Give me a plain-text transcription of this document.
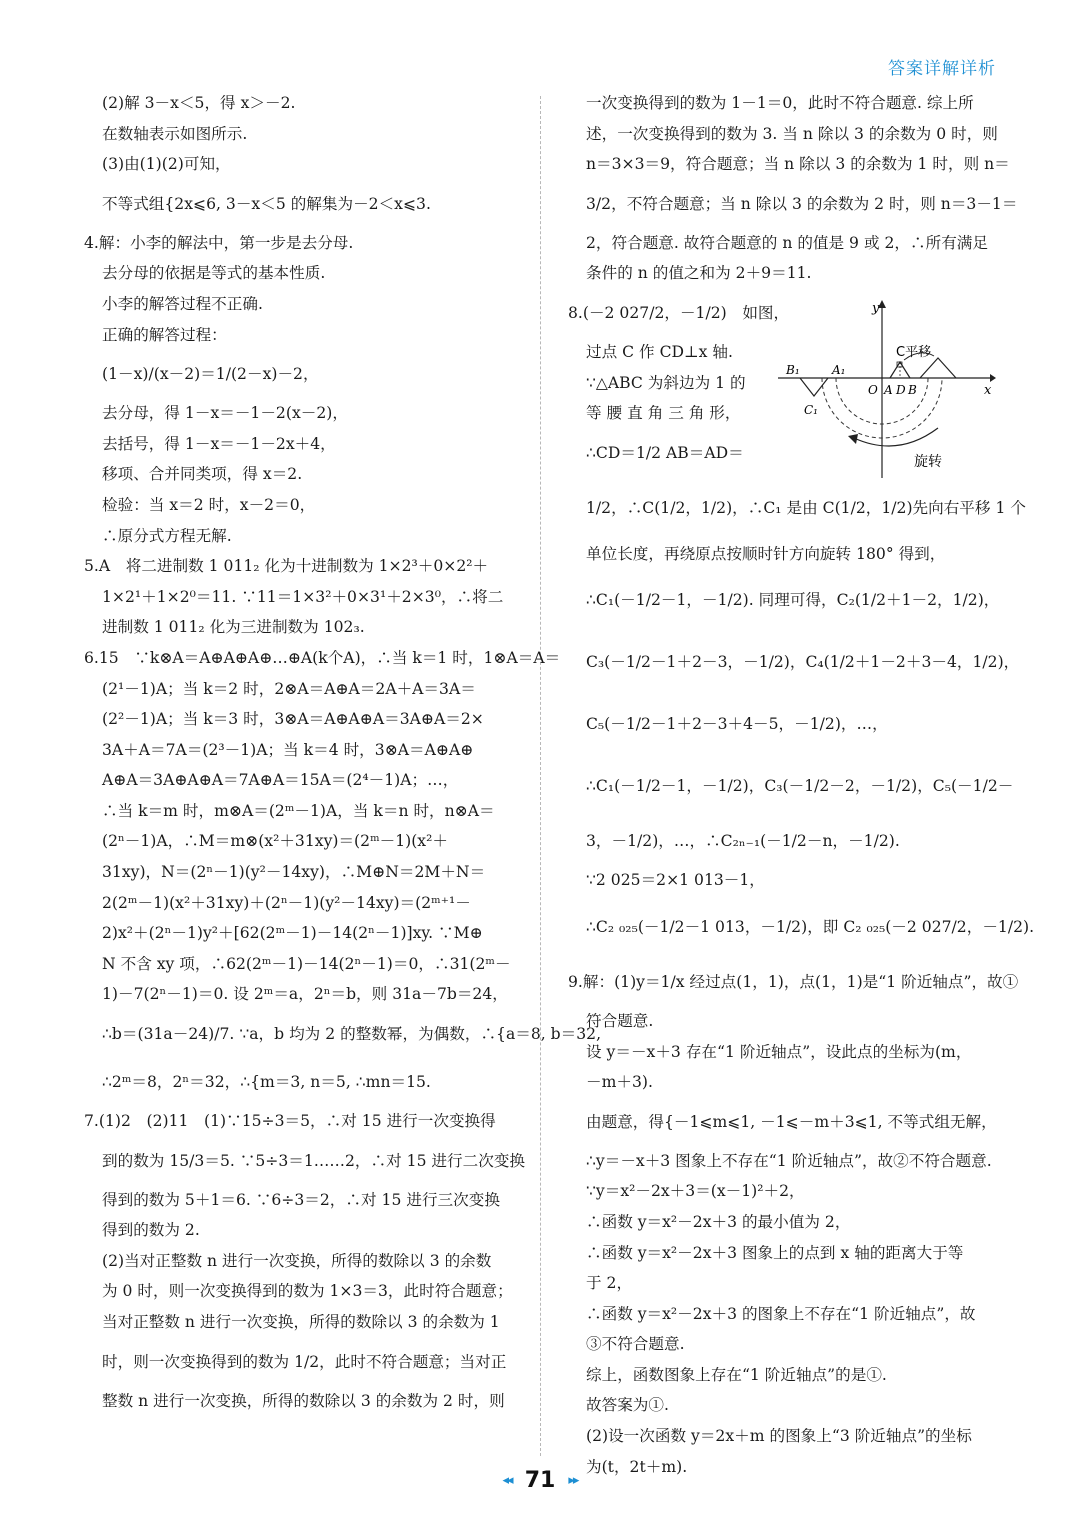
答案详解详析
(2)解 3－x＜5，得 x＞－2.
在数轴表示如图所示.
(3)由(1)(2)可知，
不等式组{2x⩽6, 3－x＜5 的解集为－2＜x⩽3.
4.解：小李的解法中，第一步是去分母.
去分母的依据是等式的基本性质.
小李的解答过程不正确.
正确的解答过程：
(1－x)/(x－2)＝1/(2－x)－2，
去分母，得 1－x＝－1－2(x－2)，
去括号，得 1－x＝－1－2x＋4，
移项、合并同类项，得 x＝2.
检验：当 x＝2 时，x－2＝0，
∴原分式方程无解.
5.A　将二进制数 1 011₂ 化为十进制数为 1×2³＋0×2²＋
1×2¹＋1×2⁰＝11. ∵11＝1×3²＋0×3¹＋2×3⁰，∴将二
进制数 1 011₂ 化为三进制数为 102₃.
6.15　∵k⊗A＝A⊕A⊕A⊕…⊕A(k个A)，∴当 k＝1 时，1⊗A＝A＝
(2¹－1)A；当 k＝2 时，2⊗A＝A⊕A＝2A＋A＝3A＝
(2²－1)A；当 k＝3 时，3⊗A＝A⊕A⊕A＝3A⊕A＝2×
3A＋A＝7A＝(2³－1)A；当 k＝4 时，3⊗A＝A⊕A⊕
A⊕A＝3A⊕A⊕A＝7A⊕A＝15A＝(2⁴－1)A；…，
∴当 k＝m 时，m⊗A＝(2ᵐ－1)A，当 k＝n 时，n⊗A＝
(2ⁿ－1)A，∴M＝m⊗(x²＋31xy)＝(2ᵐ－1)(x²＋
31xy)，N＝(2ⁿ－1)(y²－14xy)，∴M⊕N＝2M＋N＝
2(2ᵐ－1)(x²＋31xy)＋(2ⁿ－1)(y²－14xy)＝(2ᵐ⁺¹－
2)x²＋(2ⁿ－1)y²＋[62(2ᵐ－1)－14(2ⁿ－1)]xy. ∵M⊕
N 不含 xy 项，∴62(2ᵐ－1)－14(2ⁿ－1)＝0，∴31(2ᵐ－
1)－7(2ⁿ－1)＝0. 设 2ᵐ＝a，2ⁿ＝b，则 31a－7b＝24，
∴b＝(31a－24)/7. ∵a，b 均为 2 的整数幂，为偶数，∴{a＝8, b＝32,
∴2ᵐ＝8，2ⁿ＝32，∴{m＝3, n＝5, ∴mn＝15.
7.(1)2　(2)11　(1)∵15÷3＝5，∴对 15 进行一次变换得
到的数为 15/3＝5. ∵5÷3＝1……2，∴对 15 进行二次变换
得到的数为 5＋1＝6. ∵6÷3＝2，∴对 15 进行三次变换
得到的数为 2.
(2)当对正整数 n 进行一次变换，所得的数除以 3 的余数
为 0 时，则一次变换得到的数为 1×3＝3，此时符合题意；
当对正整数 n 进行一次变换，所得的数除以 3 的余数为 1
时，则一次变换得到的数为 1/2，此时不符合题意；当对正
整数 n 进行一次变换，所得的数除以 3 的余数为 2 时，则
一次变换得到的数为 1－1＝0，此时不符合题意. 综上所
述，一次变换得到的数为 3. 当 n 除以 3 的余数为 0 时，则
n＝3×3＝9，符合题意；当 n 除以 3 的余数为 1 时，则 n＝
3/2，不符合题意；当 n 除以 3 的余数为 2 时，则 n＝3－1＝
2，符合题意. 故符合题意的 n 的值是 9 或 2，∴所有满足
条件的 n 的值之和为 2＋9＝11.
8.(－2 027/2，－1/2)　如图，
过点 C 作 CD⊥x 轴.
∵△ABC 为斜边为 1 的
等 腰 直 角 三 角 形，
∴CD＝1/2 AB＝AD＝
1/2，∴C(1/2，1/2)，∴C₁ 是由 C(1/2，1/2)先向右平移 1 个
单位长度，再绕原点按顺时针方向旋转 180° 得到，
∴C₁(－1/2－1，－1/2). 同理可得，C₂(1/2＋1－2，1/2)，
C₃(－1/2－1＋2－3，－1/2)，C₄(1/2＋1－2＋3－4，1/2)，
C₅(－1/2－1＋2－3＋4－5，－1/2)，…，
∴C₁(－1/2－1，－1/2)，C₃(－1/2－2，－1/2)，C₅(－1/2－
3，－1/2)，…，∴C₂ₙ₋₁(－1/2－n，－1/2).
∵2 025＝2×1 013－1，
∴C₂ ₀₂₅(－1/2－1 013，－1/2)，即 C₂ ₀₂₅(－2 027/2，－1/2).
9.解：(1)y＝1/x 经过点(1，1)，点(1，1)是“1 阶近轴点”，故①
符合题意.
设 y＝－x＋3 存在“1 阶近轴点”，设此点的坐标为(m，
－m＋3).
由题意，得{－1⩽m⩽1, －1⩽－m＋3⩽1, 不等式组无解，
∴y＝－x＋3 图象上不存在“1 阶近轴点”，故②不符合题意.
∵y＝x²－2x＋3＝(x－1)²＋2，
∴函数 y＝x²－2x＋3 的最小值为 2，
∴函数 y＝x²－2x＋3 图象上的点到 x 轴的距离大于等
于 2，
∴函数 y＝x²－2x＋3 的图象上不存在“1 阶近轴点”，故
③不符合题意.
综上，函数图象上存在“1 阶近轴点”的是①.
故答案为①.
(2)设一次函数 y＝2x＋m 的图象上“3 阶近轴点”的坐标
为(t，2t＋m).
y
x
C平移
旋转
B₁	A₁
C₁
O A D B
◂◂ 71 ▸▸
